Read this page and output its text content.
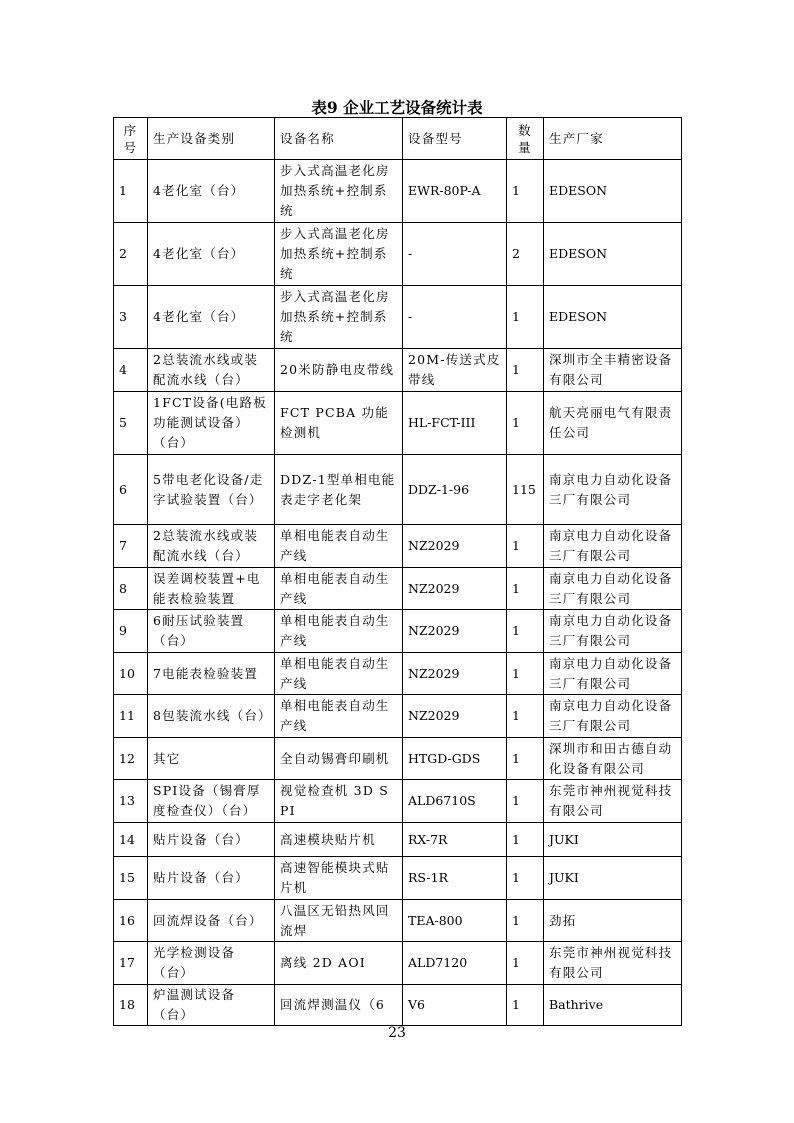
表9 企业工艺设备统计表
序号	生产设备类别	设备名称	设备型号	数量	生产厂家
1	4老化室（台）	步入式高温老化房加热系统+控制系统	EWR-80P-A	1	EDESON
2	4老化室（台）	步入式高温老化房加热系统+控制系统	-	2	EDESON
3	4老化室（台）	步入式高温老化房加热系统+控制系统	-	1	EDESON
4	2总装流水线或装配流水线（台）	20米防静电皮带线	20M-传送式皮带线	1	深圳市全丰精密设备有限公司
5	1FCT设备(电路板功能测试设备）（台）	FCT PCBA 功能检测机	HL-FCT-III	1	航天亮丽电气有限责任公司
6	5带电老化设备/走字试验装置（台）	DDZ-1型单相电能表走字老化架	DDZ-1-96	115	南京电力自动化设备三厂有限公司
7	2总装流水线或装配流水线（台）	单相电能表自动生产线	NZ2029	1	南京电力自动化设备三厂有限公司
8	误差调校装置+电能表检验装置	单相电能表自动生产线	NZ2029	1	南京电力自动化设备三厂有限公司
9	6耐压试验装置（台）	单相电能表自动生产线	NZ2029	1	南京电力自动化设备三厂有限公司
10	7电能表检验装置	单相电能表自动生产线	NZ2029	1	南京电力自动化设备三厂有限公司
11	8包装流水线（台）	单相电能表自动生产线	NZ2029	1	南京电力自动化设备三厂有限公司
12	其它	全自动锡膏印刷机	HTGD-GDS	1	深圳市和田古德自动化设备有限公司
13	SPI设备（锡膏厚度检查仪）（台）	视觉检查机 3D SPI	ALD6710S	1	东莞市神州视觉科技有限公司
14	贴片设备（台）	高速模块贴片机	RX-7R	1	JUKI
15	贴片设备（台）	高速智能模块式贴片机	RS-1R	1	JUKI
16	回流焊设备（台）	八温区无铅热风回流焊	TEA-800	1	劲拓
17	光学检测设备（台）	离线 2D AOI	ALD7120	1	东莞市神州视觉科技有限公司
18	炉温测试设备（台）	回流焊测温仪（6	V6	1	Bathrive
23
